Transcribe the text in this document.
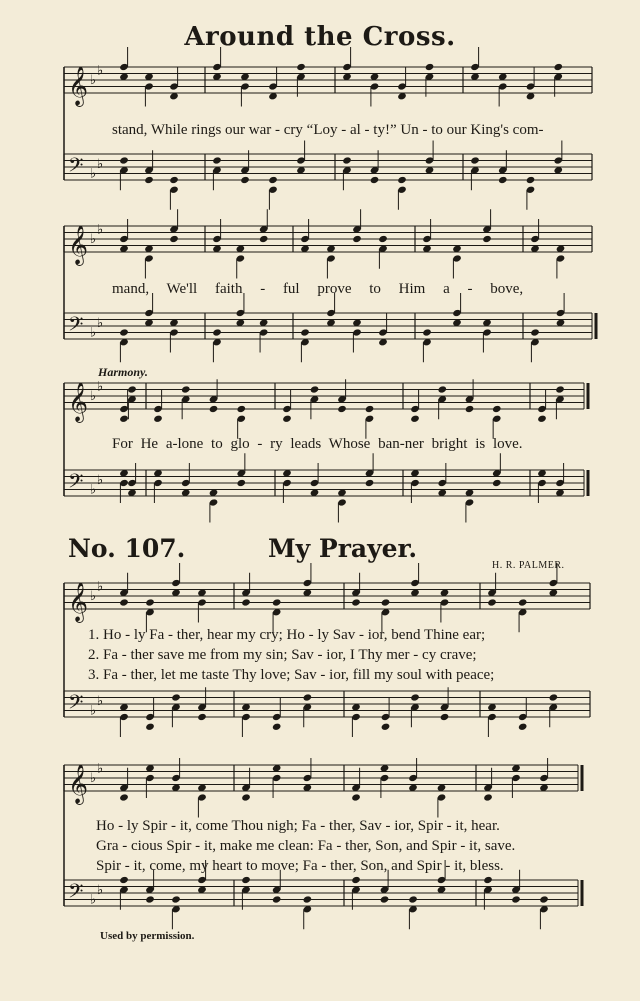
Around the Cross.
𝄞 ♭
♭
𝄢 ♭
♭
𝄞 ♭
♭
𝄢 ♭
♭
𝄞 ♭
♭
𝄢 ♭
♭
𝄞 ♭
♭
𝄢 ♭
♭
𝄞 ♭
♭
𝄢 ♭
♭
stand, While rings our war - cry “Loy - al - ty!” Un - to our King's com-
mand, We'll faith - ful prove to Him a - bove,
Harmony.
For He a-lone to glo - ry leads Whose ban-ner bright is love.
No. 107.	My Prayer.
H. R. PALMER.
1. Ho - ly Fa - ther, hear my cry; Ho - ly Sav - ior, bend Thine ear;
2. Fa - ther save me from my sin; Sav - ior, I Thy mer - cy crave;
3. Fa - ther, let me taste Thy love; Sav - ior, fill my soul with peace;
Ho - ly Spir - it, come Thou nigh; Fa - ther, Sav - ior, Spir - it, hear.
Gra - cious Spir - it, make me clean: Fa - ther, Son, and Spir - it, save.
Spir - it, come, my heart to move; Fa - ther, Son, and Spir - it, bless.
Used by permission.
